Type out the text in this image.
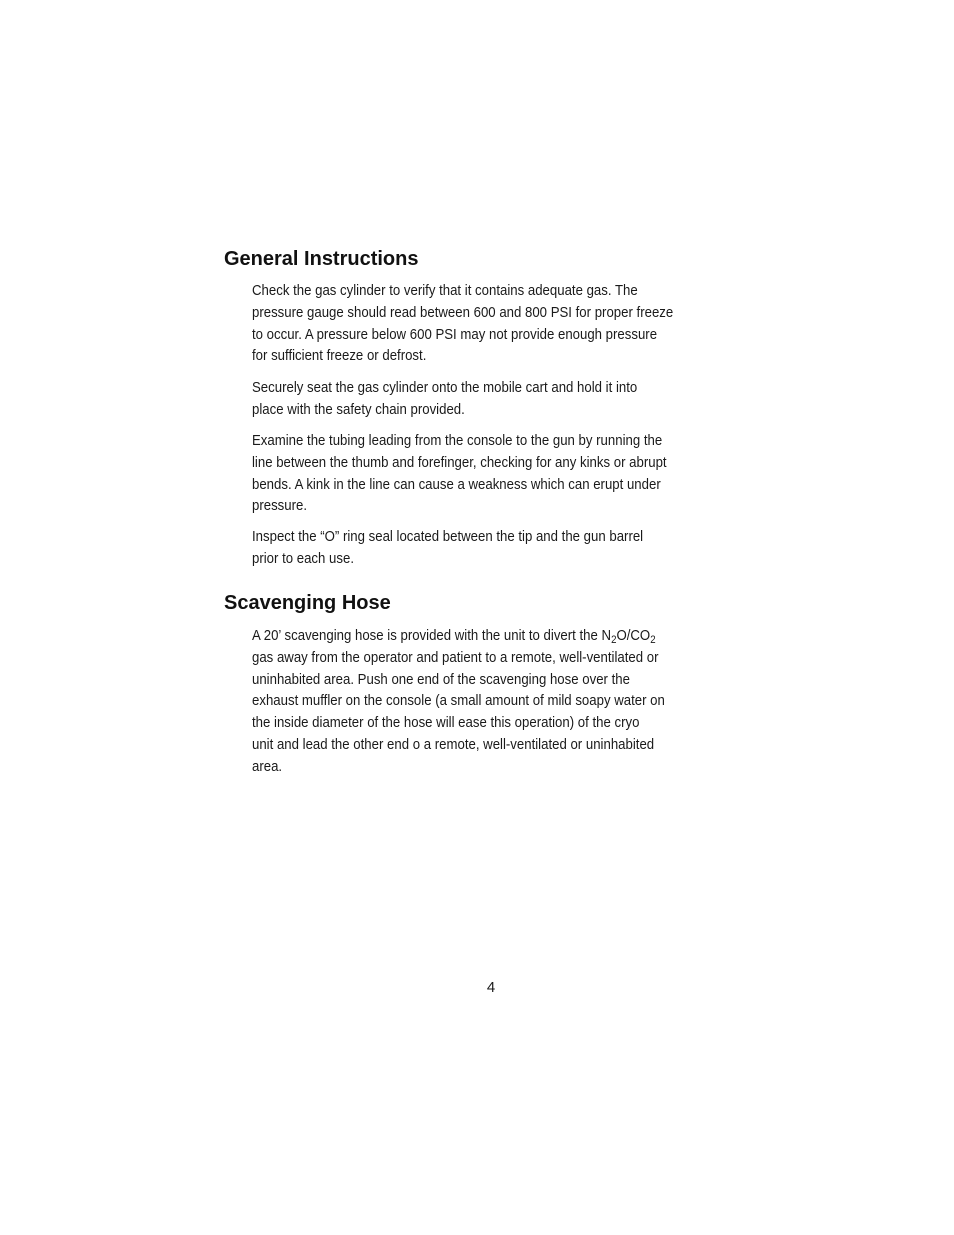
General Instructions

Check the gas cylinder to verify that it contains adequate gas. The
pressure gauge should read between 600 and 800 PSI for proper freeze
to occur. A pressure below 600 PSI may not provide enough pressure
for sufficient freeze or defrost.

Securely seat the gas cylinder onto the mobile cart and hold it into
place with the safety chain provided.

Examine the tubing leading from the console to the gun by running the
line between the thumb and forefinger, checking for any kinks or abrupt
bends. A kink in the line can cause a weakness which can erupt under
pressure.

Inspect the “O” ring seal located between the tip and the gun barrel
prior to each use.

Scavenging Hose

A 20’ scavenging hose is provided with the unit to divert the $N_2O/CO_2$
gas away from the operator and patient to a remote, well-ventilated or
uninhabited area. Push one end of the scavenging hose over the
exhaust muffler on the console (a small amount of mild soapy water on
the inside diameter of the hose will ease this operation) of the cryo
unit and lead the other end o a remote, well-ventilated or uninhabited
area.

4
